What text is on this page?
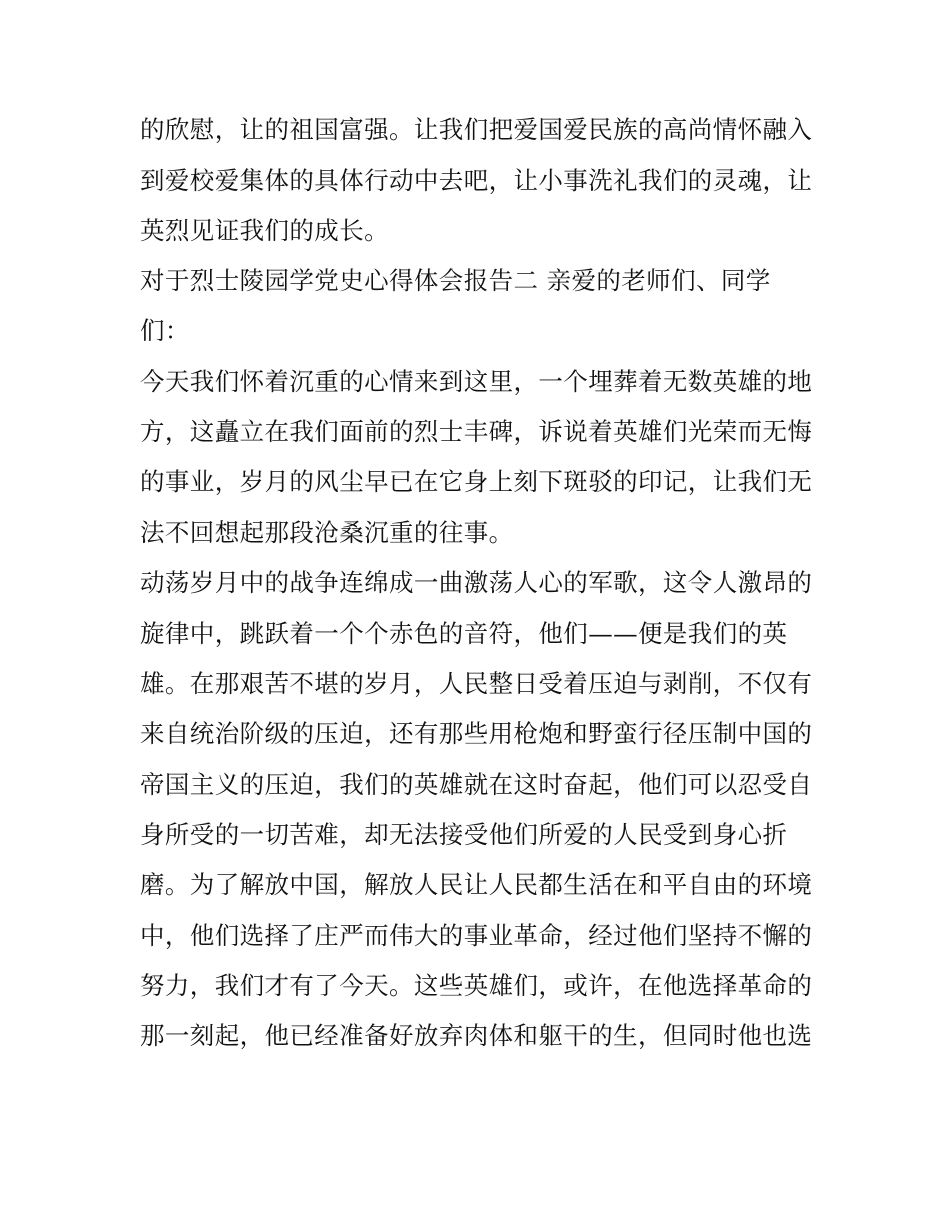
的欣慰，让的祖国富强。让我们把爱国爱民族的高尚情怀融入

到爱校爱集体的具体行动中去吧，让小事洗礼我们的灵魂，让

英烈见证我们的成长。

对于烈士陵园学党史心得体会报告二 亲爱的老师们、同学

们：

今天我们怀着沉重的心情来到这里，一个埋葬着无数英雄的地

方，这矗立在我们面前的烈士丰碑，诉说着英雄们光荣而无悔

的事业，岁月的风尘早已在它身上刻下斑驳的印记，让我们无

法不回想起那段沧桑沉重的往事。

动荡岁月中的战争连绵成一曲激荡人心的军歌，这令人激昂的

旋律中，跳跃着一个个赤色的音符，他们——便是我们的英

雄。在那艰苦不堪的岁月，人民整日受着压迫与剥削，不仅有

来自统治阶级的压迫，还有那些用枪炮和野蛮行径压制中国的

帝国主义的压迫，我们的英雄就在这时奋起，他们可以忍受自

身所受的一切苦难，却无法接受他们所爱的人民受到身心折

磨。为了解放中国，解放人民让人民都生活在和平自由的环境

中，他们选择了庄严而伟大的事业革命，经过他们坚持不懈的

努力，我们才有了今天。这些英雄们，或许，在他选择革命的

那一刻起，他已经准备好放弃肉体和躯干的生，但同时他也选
